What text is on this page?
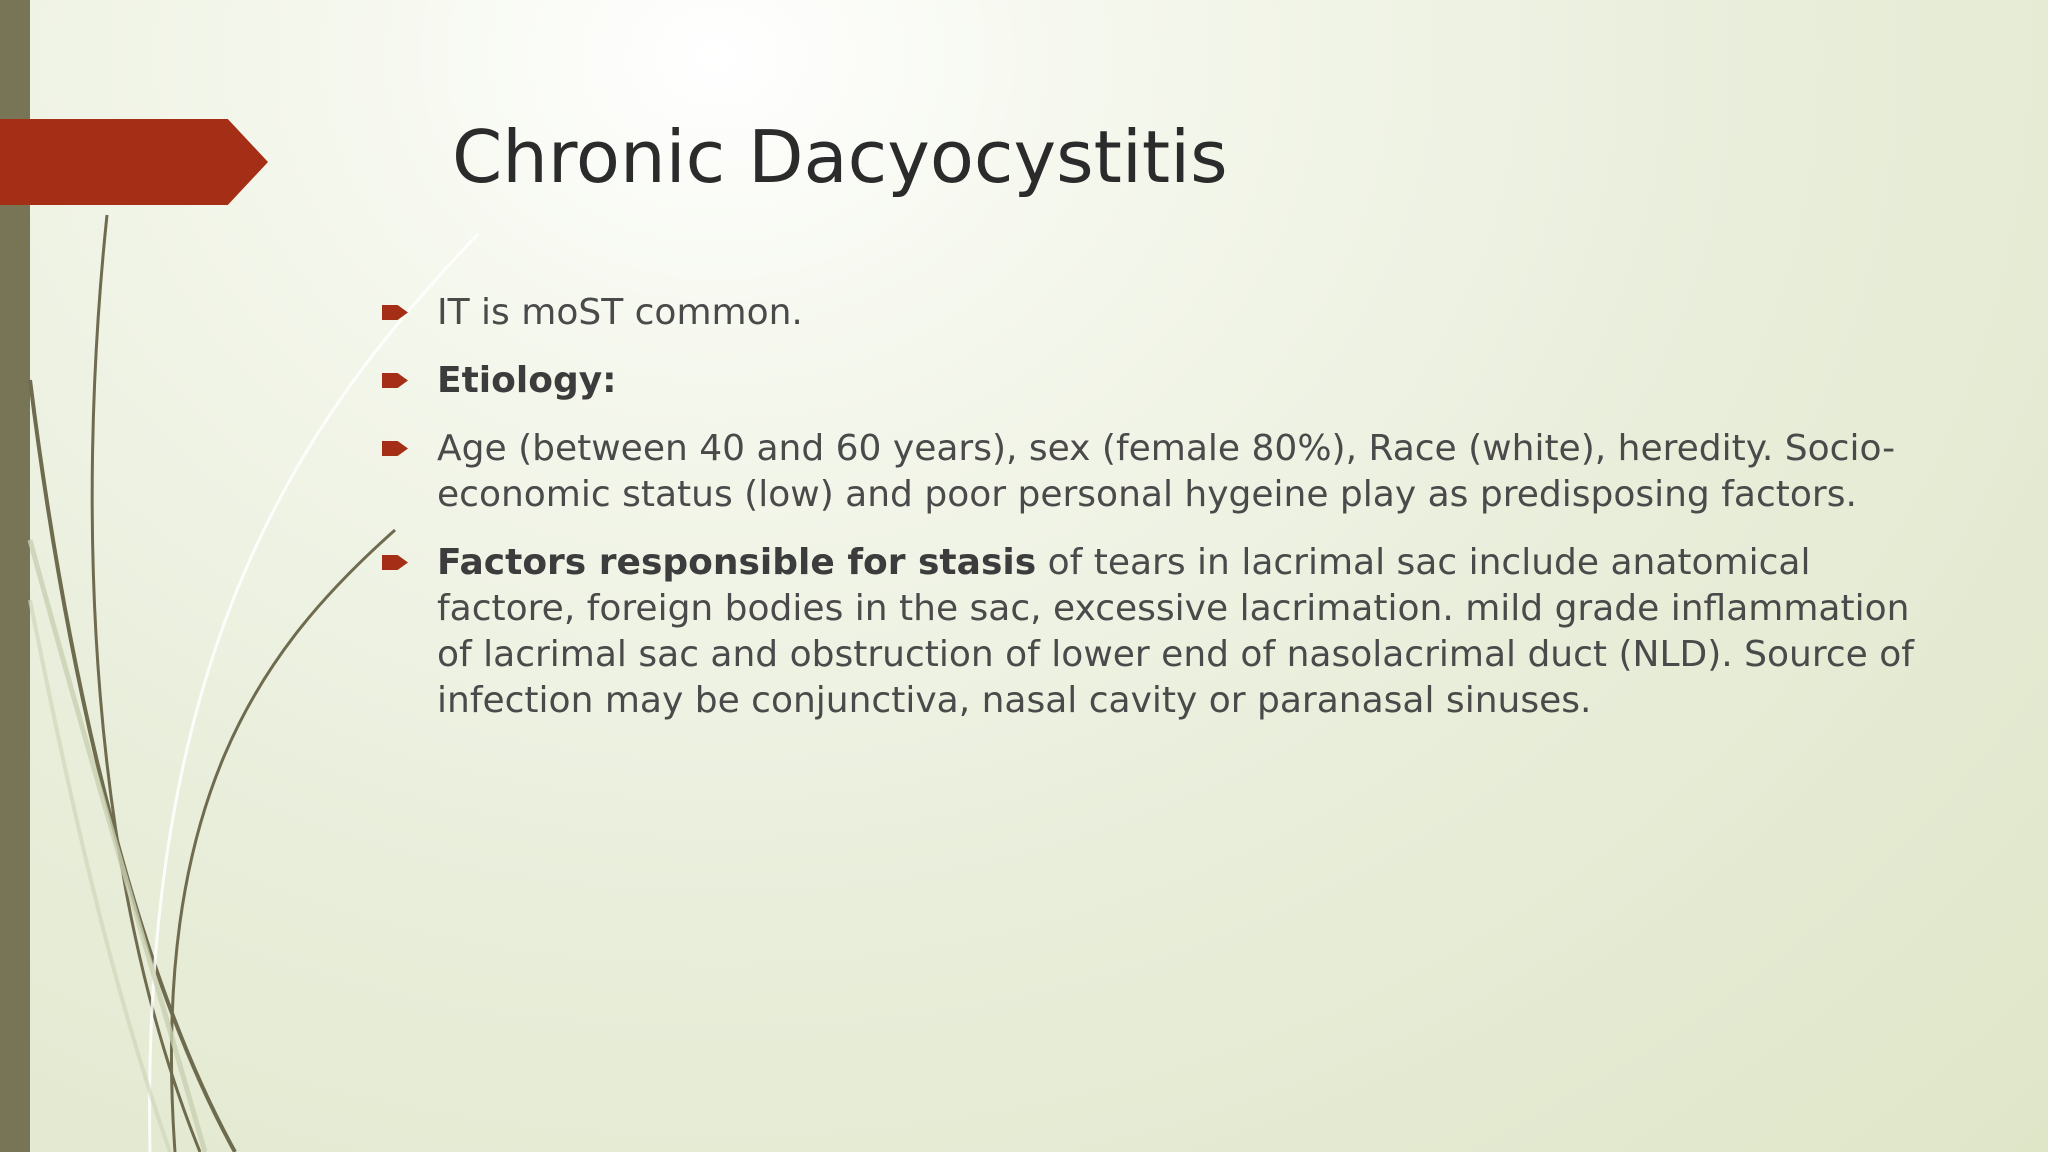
Chronic Dacyocystitis
IT is moST common.
Etiology:
Age (between 40 and 60 years), sex (female 80%), Race (white), heredity. Socio-economic status (low) and poor personal hygeine play as predisposing factors.
Factors responsible for stasis of tears in lacrimal sac include anatomical factore, foreign bodies in the sac, excessive lacrimation. mild grade inflammation of lacrimal sac and obstruction of lower end of nasolacrimal duct (NLD). Source of infection may be conjunctiva, nasal cavity or paranasal sinuses.
